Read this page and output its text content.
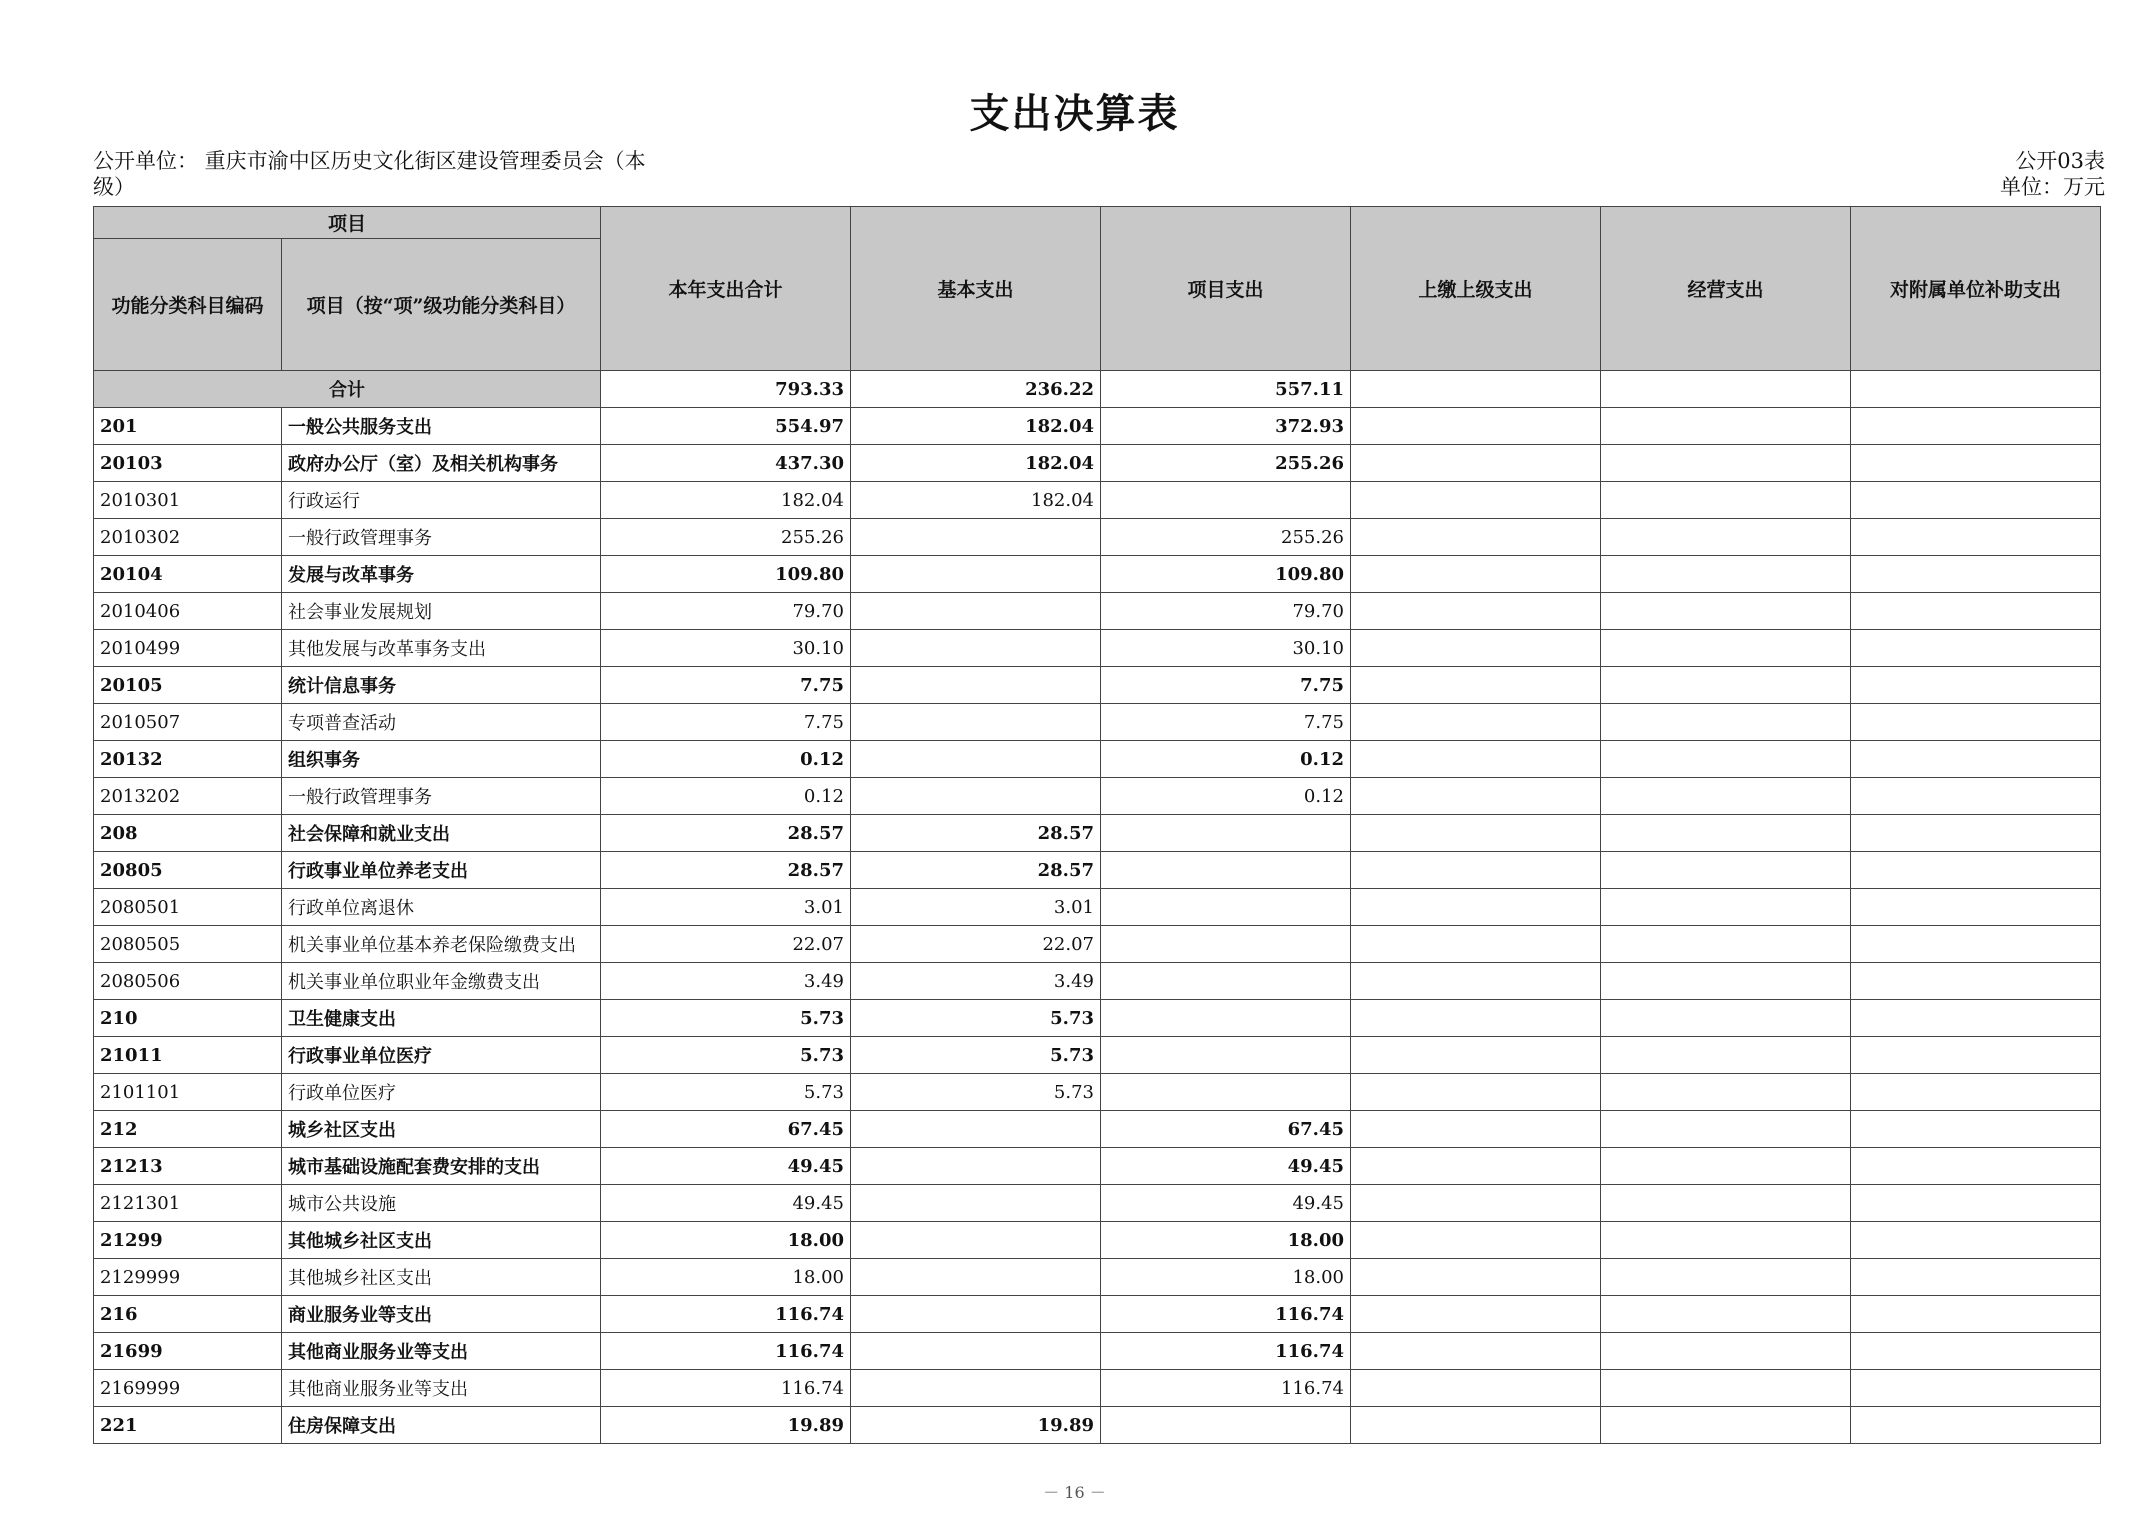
支出决算表
公开单位： 重庆市渝中区历史文化街区建设管理委员会（本级）
公开03表
单位：万元
项目		本年支出合计	基本支出	项目支出	上缴上级支出	经营支出	对附属单位补助支出
功能分类科目编码	项目（按“项”级功能分类科目）						
合计		793.33	236.22	557.11			
201	一般公共服务支出	554.97	182.04	372.93			
20103	政府办公厅（室）及相关机构事务	437.30	182.04	255.26			
2010301	行政运行	182.04	182.04				
2010302	一般行政管理事务	255.26		255.26			
20104	发展与改革事务	109.80		109.80			
2010406	社会事业发展规划	79.70		79.70			
2010499	其他发展与改革事务支出	30.10		30.10			
20105	统计信息事务	7.75		7.75			
2010507	专项普查活动	7.75		7.75			
20132	组织事务	0.12		0.12			
2013202	一般行政管理事务	0.12		0.12			
208	社会保障和就业支出	28.57	28.57				
20805	行政事业单位养老支出	28.57	28.57				
2080501	行政单位离退休	3.01	3.01				
2080505	机关事业单位基本养老保险缴费支出	22.07	22.07				
2080506	机关事业单位职业年金缴费支出	3.49	3.49				
210	卫生健康支出	5.73	5.73				
21011	行政事业单位医疗	5.73	5.73				
2101101	行政单位医疗	5.73	5.73				
212	城乡社区支出	67.45		67.45			
21213	城市基础设施配套费安排的支出	49.45		49.45			
2121301	城市公共设施	49.45		49.45			
21299	其他城乡社区支出	18.00		18.00			
2129999	其他城乡社区支出	18.00		18.00			
216	商业服务业等支出	116.74		116.74			
21699	其他商业服务业等支出	116.74		116.74			
2169999	其他商业服务业等支出	116.74		116.74			
221	住房保障支出	19.89	19.89				
－ 16 －
